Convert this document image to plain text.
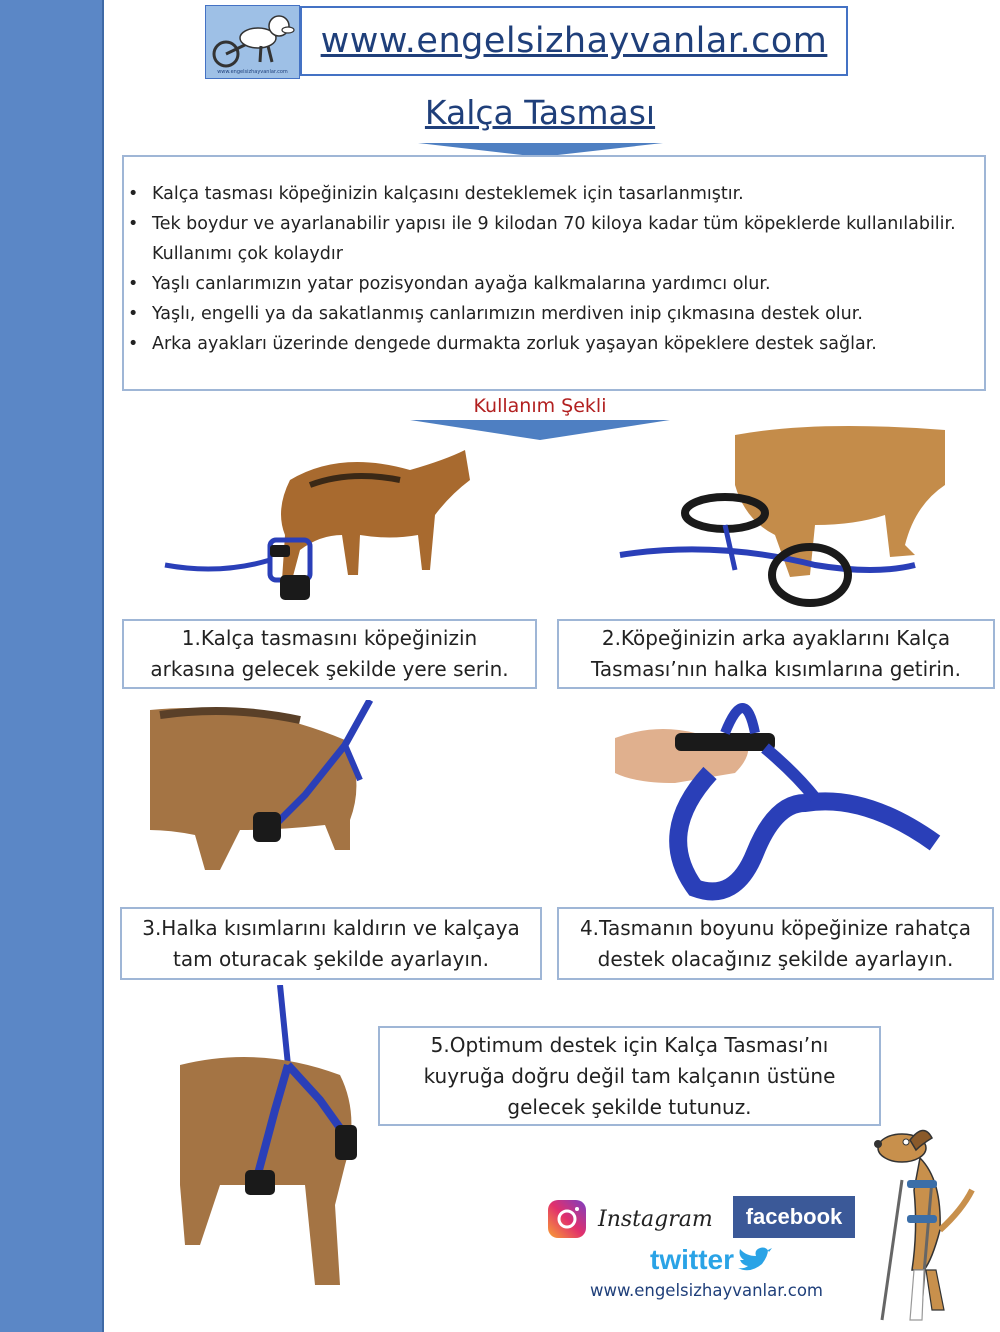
www.engelsizhayvanlar.com
www.engelsizhayvanlar.com
Kalça Tasması
• Kalça tasması köpeğinizin kalçasını desteklemek için tasarlanmıştır.
• Tek boydur ve ayarlanabilir yapısı ile 9 kilodan 70 kiloya kadar tüm köpeklerde kullanılabilir. Kullanımı çok kolaydır
• Yaşlı canlarımızın yatar pozisyondan ayağa kalkmalarına yardımcı olur.
• Yaşlı, engelli ya da sakatlanmış canlarımızın merdiven inip çıkmasına destek olur.
• Arka ayakları üzerinde dengede durmakta zorluk yaşayan köpeklere destek sağlar.
Kullanım Şekli
1.Kalça tasmasını köpeğinizin
arkasına gelecek şekilde yere serin.
2.Köpeğinizin arka ayaklarını Kalça
Tasması’nın halka kısımlarına getirin.
3.Halka kısımlarını kaldırın ve kalçaya
tam oturacak şekilde ayarlayın.
4.Tasmanın boyunu köpeğinize rahatça
destek olacağınız şekilde ayarlayın.
5.Optimum destek için Kalça Tasması’nı
kuyruğa doğru değil tam kalçanın üstüne
gelecek şekilde tutunuz.
Instagram facebook
twitter
www.engelsizhayvanlar.com
